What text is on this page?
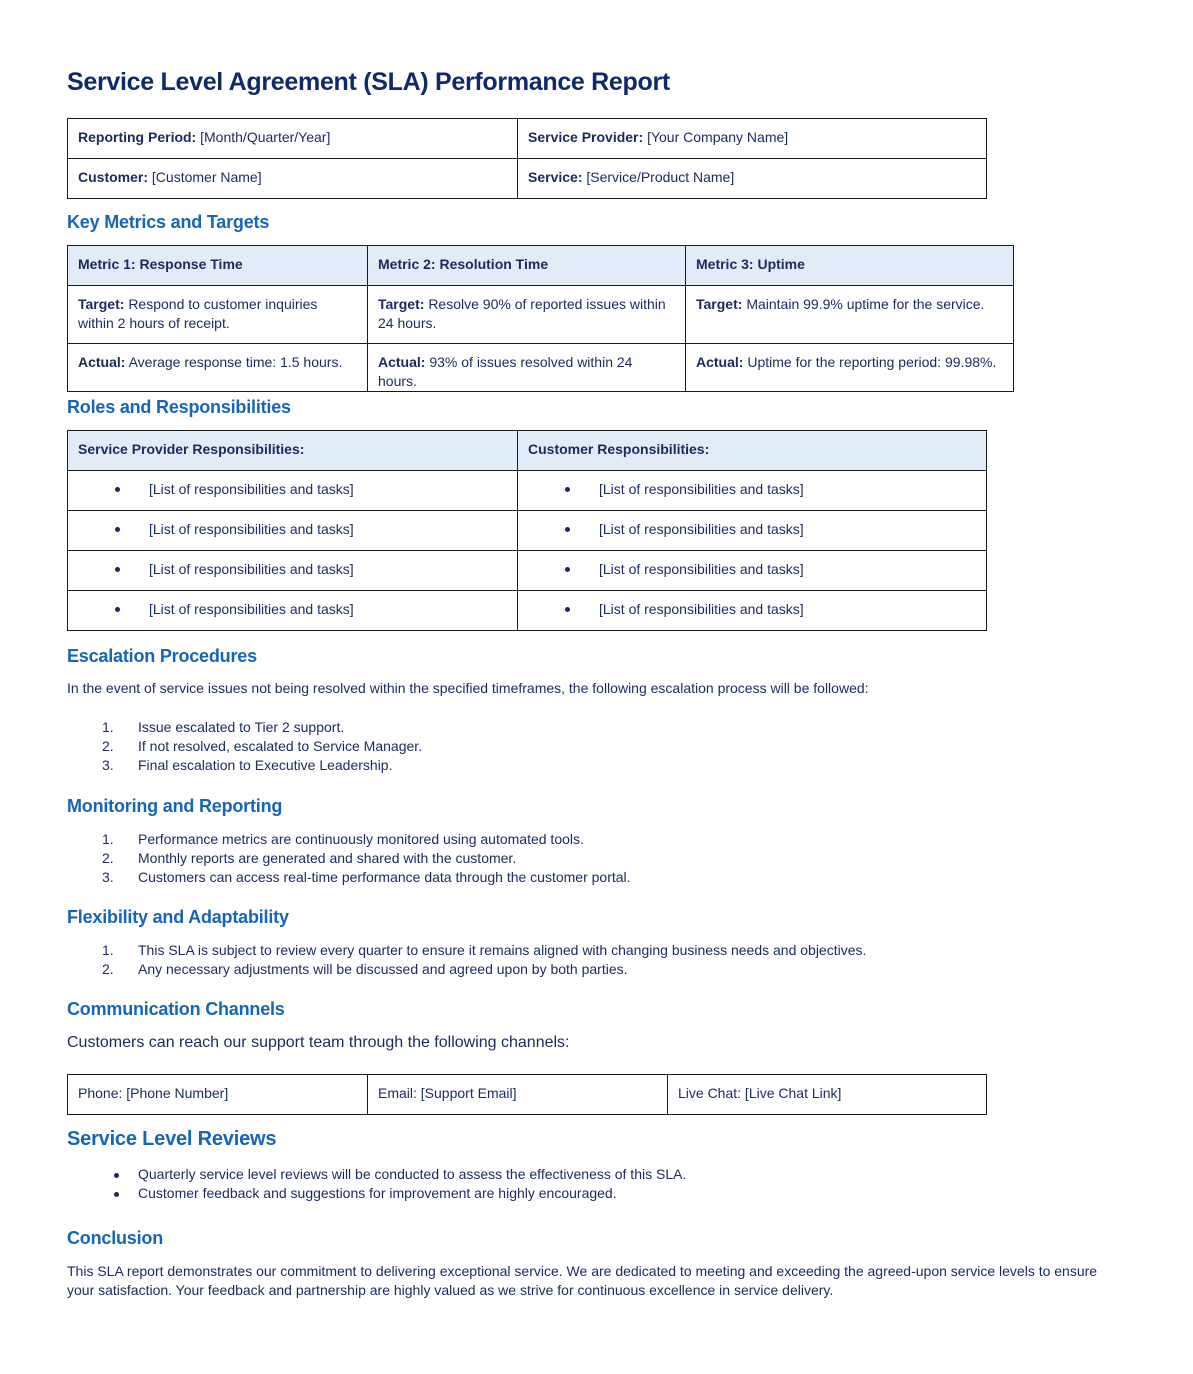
Service Level Agreement (SLA) Performance Report
Reporting Period: [Month/Quarter/Year]	Service Provider: [Your Company Name]
Customer: [Customer Name]	Service: [Service/Product Name]
Key Metrics and Targets
Metric 1: Response Time	Metric 2: Resolution Time	Metric 3: Uptime
Target: Respond to customer inquiries within 2 hours of receipt.	Target: Resolve 90% of reported issues within 24 hours.	Target: Maintain 99.9% uptime for the service.
Actual: Average response time: 1.5 hours.	Actual: 93% of issues resolved within 24 hours.	Actual: Uptime for the reporting period: 99.98%.
Roles and Responsibilities
Service Provider Responsibilities:	Customer Responsibilities:

[List of responsibilities and tasks]	[List of responsibilities and tasks]

[List of responsibilities and tasks]	[List of responsibilities and tasks]

[List of responsibilities and tasks]	[List of responsibilities and tasks]

[List of responsibilities and tasks]	[List of responsibilities and tasks]
Escalation Procedures

In the event of service issues not being resolved within the specified timeframes, the following escalation process will be followed:

1. Issue escalated to Tier 2 support.
2. If not resolved, escalated to Service Manager.
3. Final escalation to Executive Leadership.
Monitoring and Reporting
1. Performance metrics are continuously monitored using automated tools.
2. Monthly reports are generated and shared with the customer.
3. Customers can access real-time performance data through the customer portal.
Flexibility and Adaptability
1. This SLA is subject to review every quarter to ensure it remains aligned with changing business needs and objectives.
2. Any necessary adjustments will be discussed and agreed upon by both parties.
Communication Channels

Customers can reach our support team through the following channels:

Phone: [Phone Number]	Email: [Support Email]	Live Chat: [Live Chat Link]
Service Level Reviews
Quarterly service level reviews will be conducted to assess the effectiveness of this SLA.
Customer feedback and suggestions for improvement are highly encouraged.
Conclusion

This SLA report demonstrates our commitment to delivering exceptional service. We are dedicated to meeting and exceeding the agreed-upon service levels to ensure your satisfaction. Your feedback and partnership are highly valued as we strive for continuous excellence in service delivery.
